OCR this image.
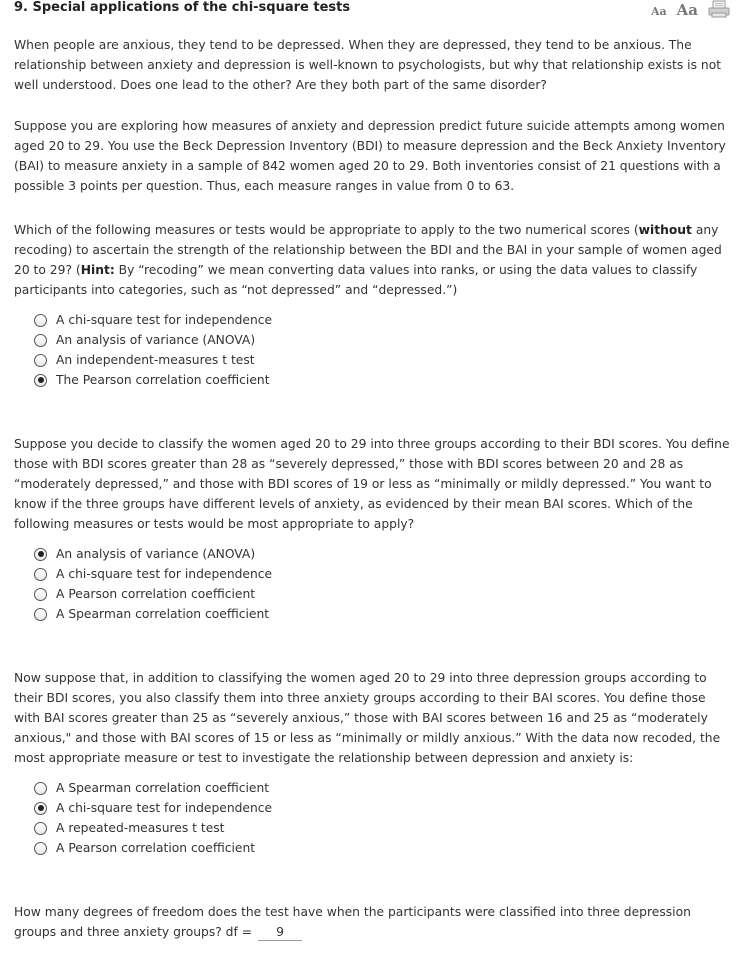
9. Special applications of the chi-square tests	Aa Aa

When people are anxious, they tend to be depressed. When they are depressed, they tend to be anxious. The relationship between anxiety and depression is well-known to psychologists, but why that relationship exists is not well understood. Does one lead to the other? Are they both part of the same disorder?

Suppose you are exploring how measures of anxiety and depression predict future suicide attempts among women aged 20 to 29. You use the Beck Depression Inventory (BDI) to measure depression and the Beck Anxiety Inventory (BAI) to measure anxiety in a sample of 842 women aged 20 to 29. Both inventories consist of 21 questions with a possible 3 points per question. Thus, each measure ranges in value from 0 to 63.

Which of the following measures or tests would be appropriate to apply to the two numerical scores (without any recoding) to ascertain the strength of the relationship between the BDI and the BAI in your sample of women aged 20 to 29? (Hint: By “recoding” we mean converting data values into ranks, or using the data values to classify participants into categories, such as “not depressed” and “depressed.”)

A chi-square test for independence
An analysis of variance (ANOVA)
An independent-measures t test
The Pearson correlation coefficient

Suppose you decide to classify the women aged 20 to 29 into three groups according to their BDI scores. You define those with BDI scores greater than 28 as “severely depressed,” those with BDI scores between 20 and 28 as “moderately depressed,” and those with BDI scores of 19 or less as “minimally or mildly depressed.” You want to know if the three groups have different levels of anxiety, as evidenced by their mean BAI scores. Which of the following measures or tests would be most appropriate to apply?

An analysis of variance (ANOVA)
A chi-square test for independence
A Pearson correlation coefficient
A Spearman correlation coefficient

Now suppose that, in addition to classifying the women aged 20 to 29 into three depression groups according to their BDI scores, you also classify them into three anxiety groups according to their BAI scores. You define those with BAI scores greater than 25 as “severely anxious,” those with BAI scores between 16 and 25 as “moderately anxious," and those with BAI scores of 15 or less as “minimally or mildly anxious.” With the data now recoded, the most appropriate measure or test to investigate the relationship between depression and anxiety is:

A Spearman correlation coefficient
A chi-square test for independence
A repeated-measures t test
A Pearson correlation coefficient

How many degrees of freedom does the test have when the participants were classified into three depression groups and three anxiety groups? df = 9
